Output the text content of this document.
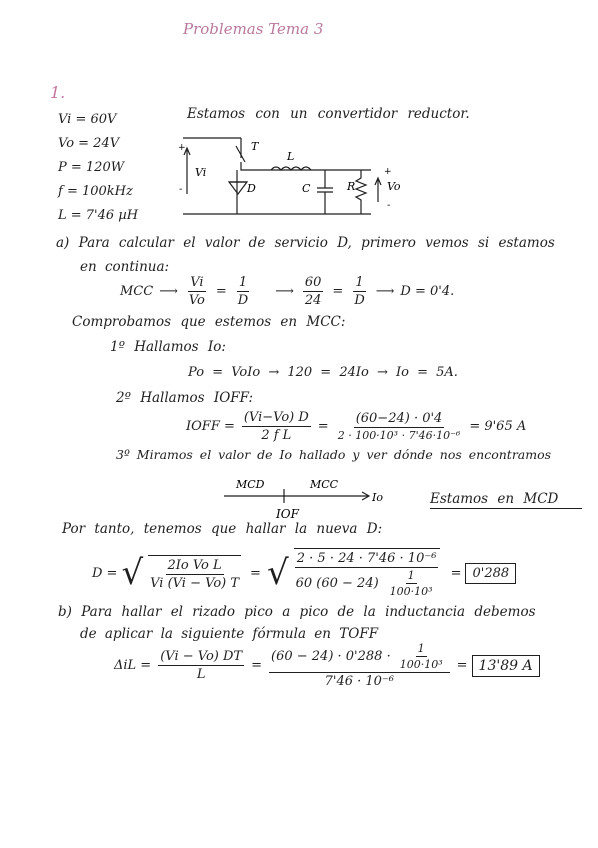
Problemas Tema 3
1.
Vi = 60V
Vo = 24V
P = 120W
f = 100kHz
L = 7'46 µH
Estamos con un convertidor reductor.
+
Vi
-
T
L
D	C	R
+
Vo
-
a) Para calcular el valor de servicio D, primero vemos si estamos
en continua:
MCC ⟶ $\frac{Vi}{Vo} = \frac{1}{D}$ ⟶ $\frac{60}{24} = \frac{1}{D}$ ⟶ D = 0'4.
Comprobamos que estemos en MCC:
1º Hallamos Io:
Po = VoIo → 120 = 24Io → Io = 5A.
2º Hallamos IOFF:
IOFF = $\frac{(Vi-Vo) D}{\text{2 f L}} = \frac{(60-24) \cdot 0'4}{\text{2 · 100·10³ · 7'46·10⁻⁶}} = 9'65$ A
3º Miramos el valor de Io hallado y ver dónde nos encontramos
MCD	MCC
Io
IOF
Estamos en MCD
Por tanto, tenemos que hallar la nueva D:
D = √ $\frac{\text{2Io Vo L}}{Vi (Vi - Vo) T}$ = √ $\frac{\text{2 · 5 · 24 · 7'46 · 10⁻⁶}}{60 (60 - 24) \frac{1}{\text{100·10³}}} = 0'288$
b) Para hallar el rizado pico a pico de la inductancia debemos
de aplicar la siguiente fórmula en TOFF
$\Delta iL = \frac{(Vi - Vo) DT}{L} = \frac{(60 - 24) \cdot 0'288 \cdot \frac{1}{\text{100·10³}}}{\text{7'46 · 10⁻⁶}} = 13'89$ A
